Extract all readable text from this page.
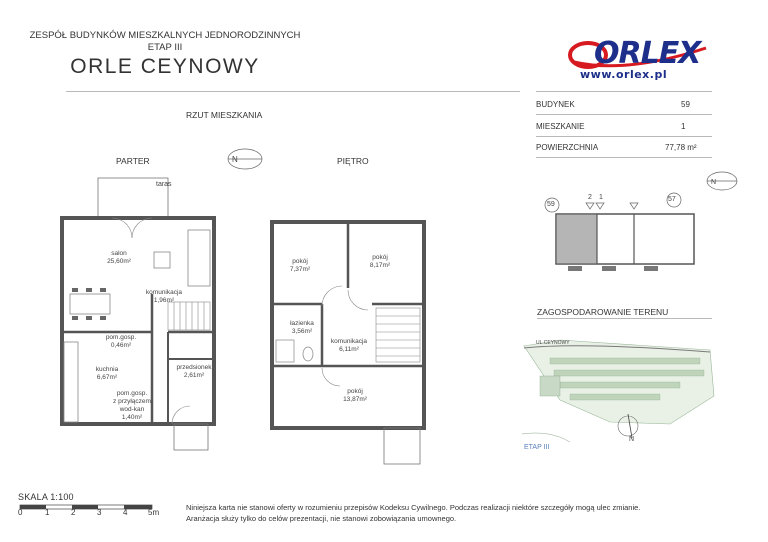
ZESPÓŁ BUDYNKÓW MIESZKALNYCH JEDNORODZINNYCH
ETAP III
ORLE CEYNOWY	ORLEX
www.orlex.pl
BUDYNEK	59
MIESZKANIE	1
POWIERZCHNIA	77,78 m²
RZUT MIESZKANIA
PARTER	PIĘTRO
N
salon
25,60m²
komunikacja
1,96m²
pom.gosp.
0,46m²
kuchnia
6,67m²
przedsionek
2,61m²
pom.gosp.
z przyłączem
wod-kan
1,40m²
taras
pokój
7,37m²
pokój
8,17m²
łazienka
3,56m²
komunikacja
6,11m²
pokój
13,87m²
N
59
2 1	57
ZAGOSPODAROWANIE TERENU
UL.CEYNOWY
ETAP III
N
SKALA 1:100
0	1	2	3	4	5m
Niniejsza karta nie stanowi oferty w rozumieniu przepisów Kodeksu Cywilnego. Podczas realizacji niektóre szczegóły mogą ulec zmianie.
Aranżacja służy tylko do celów prezentacji, nie stanowi zobowiązania umownego.
